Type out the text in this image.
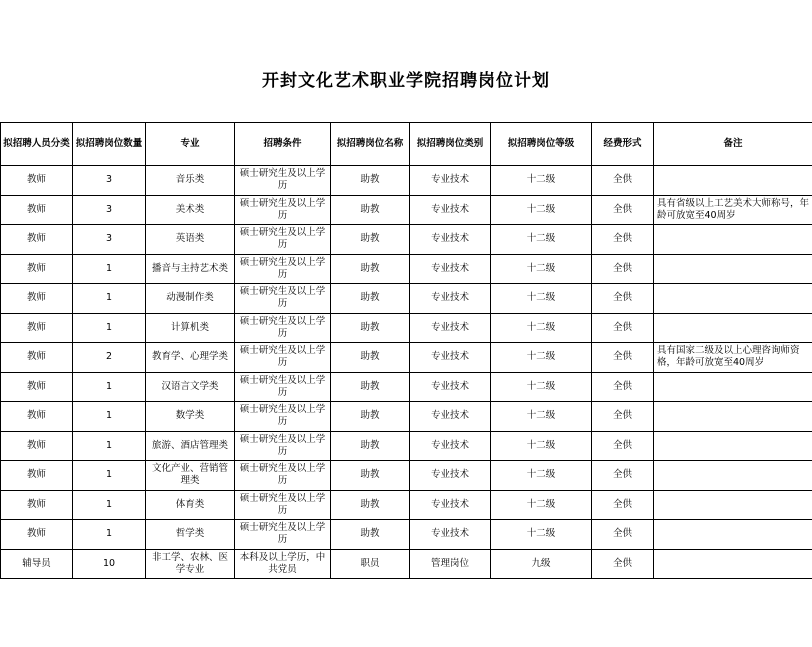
开封文化艺术职业学院招聘岗位计划
拟招聘人员分类	拟招聘岗位数量	专业	招聘条件	拟招聘岗位名称	拟招聘岗位类别	拟招聘岗位等级	经费形式	备注
教师	3	音乐类	硕士研究生及以上学历	助教	专业技术	十二级	全供	
教师	3	美术类	硕士研究生及以上学历	助教	专业技术	十二级	全供	具有省级以上工艺美术大师称号，年龄可放宽至40周岁
教师	3	英语类	硕士研究生及以上学历	助教	专业技术	十二级	全供	
教师	1	播音与主持艺术类	硕士研究生及以上学历	助教	专业技术	十二级	全供	
教师	1	动漫制作类	硕士研究生及以上学历	助教	专业技术	十二级	全供	
教师	1	计算机类	硕士研究生及以上学历	助教	专业技术	十二级	全供	
教师	2	教育学、心理学类	硕士研究生及以上学历	助教	专业技术	十二级	全供	具有国家二级及以上心理咨询师资格，年龄可放宽至40周岁
教师	1	汉语言文学类	硕士研究生及以上学历	助教	专业技术	十二级	全供	
教师	1	数学类	硕士研究生及以上学历	助教	专业技术	十二级	全供	
教师	1	旅游、酒店管理类	硕士研究生及以上学历	助教	专业技术	十二级	全供	
教师	1	文化产业、营销管理类	硕士研究生及以上学历	助教	专业技术	十二级	全供	
教师	1	体育类	硕士研究生及以上学历	助教	专业技术	十二级	全供	
教师	1	哲学类	硕士研究生及以上学历	助教	专业技术	十二级	全供	
辅导员	10	非工学、农林、医学专业	本科及以上学历，中共党员	职员	管理岗位	九级	全供	
